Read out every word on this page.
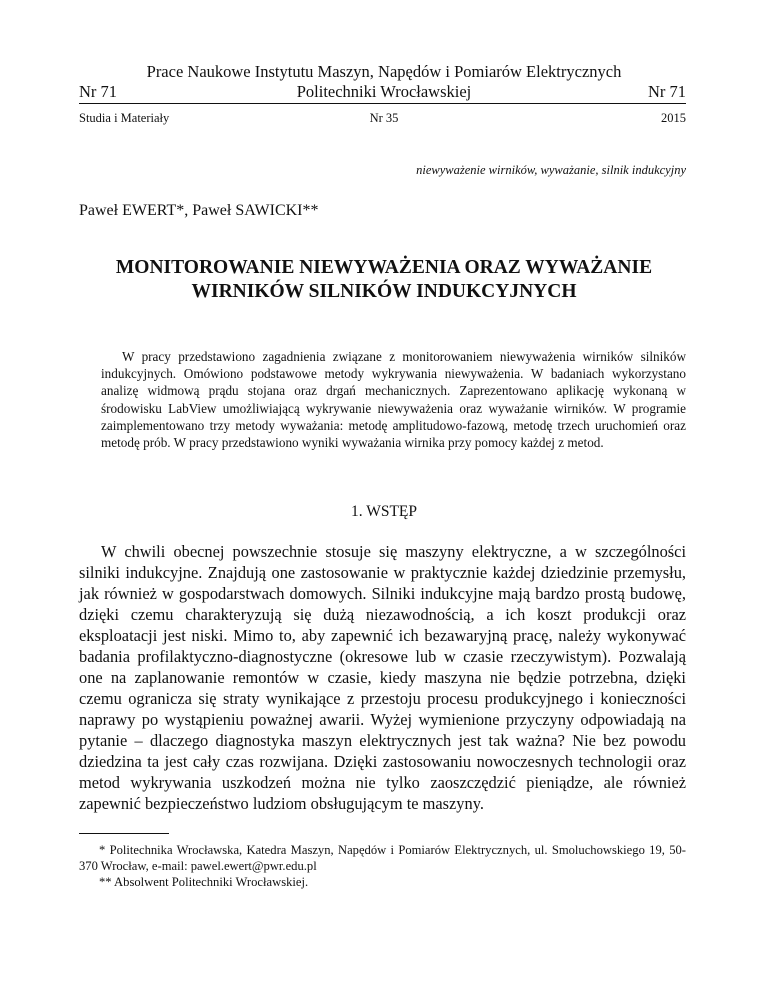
Prace Naukowe Instytutu Maszyn, Napędów i Pomiarów Elektrycznych
Politechniki Wrocławskiej
Nr 71	Nr 71
Studia i Materiały	Nr 35	2015
niewyważenie wirników, wyważanie, silnik indukcyjny
Paweł EWERT*, Paweł SAWICKI**
MONITOROWANIE NIEWYWAŻENIA ORAZ WYWAŻANIE
WIRNIKÓW SILNIKÓW INDUKCYJNYCH
W pracy przedstawiono zagadnienia związane z monitorowaniem niewyważenia wirników silników indukcyjnych. Omówiono podstawowe metody wykrywania niewyważenia. W badaniach wykorzystano analizę widmową prądu stojana oraz drgań mechanicznych. Zaprezentowano aplikację wykonaną w środowisku LabView umożliwiającą wykrywanie niewyważenia oraz wyważanie wirników. W programie zaimplementowano trzy metody wyważania: metodę amplitudowo-fazową, metodę trzech uruchomień oraz metodę prób. W pracy przedstawiono wyniki wyważania wirnika przy pomocy każdej z metod.
1. WSTĘP
W chwili obecnej powszechnie stosuje się maszyny elektryczne, a w szczególności silniki indukcyjne. Znajdują one zastosowanie w praktycznie każdej dziedzinie przemysłu, jak również w gospodarstwach domowych. Silniki indukcyjne mają bardzo prostą budowę, dzięki czemu charakteryzują się dużą niezawodnością, a ich koszt produkcji oraz eksploatacji jest niski. Mimo to, aby zapewnić ich bezawaryjną pracę, należy wykonywać badania profilaktyczno-diagnostyczne (okresowe lub w czasie rzeczywistym). Pozwalają one na zaplanowanie remontów w czasie, kiedy maszyna nie będzie potrzebna, dzięki czemu ogranicza się straty wynikające z przestoju procesu produkcyjnego i konieczności naprawy po wystąpieniu poważnej awarii. Wyżej wymienione przyczyny odpowiadają na pytanie – dlaczego diagnostyka maszyn elektrycznych jest tak ważna? Nie bez powodu dziedzina ta jest cały czas rozwijana. Dzięki zastosowaniu nowoczesnych technologii oraz metod wykrywania uszkodzeń można nie tylko zaoszczędzić pieniądze, ale również zapewnić bezpieczeństwo ludziom obsługującym te maszyny.
* Politechnika Wrocławska, Katedra Maszyn, Napędów i Pomiarów Elektrycznych, ul. Smoluchowskiego 19, 50-370 Wrocław, e-mail: pawel.ewert@pwr.edu.pl
** Absolwent Politechniki Wrocławskiej.
